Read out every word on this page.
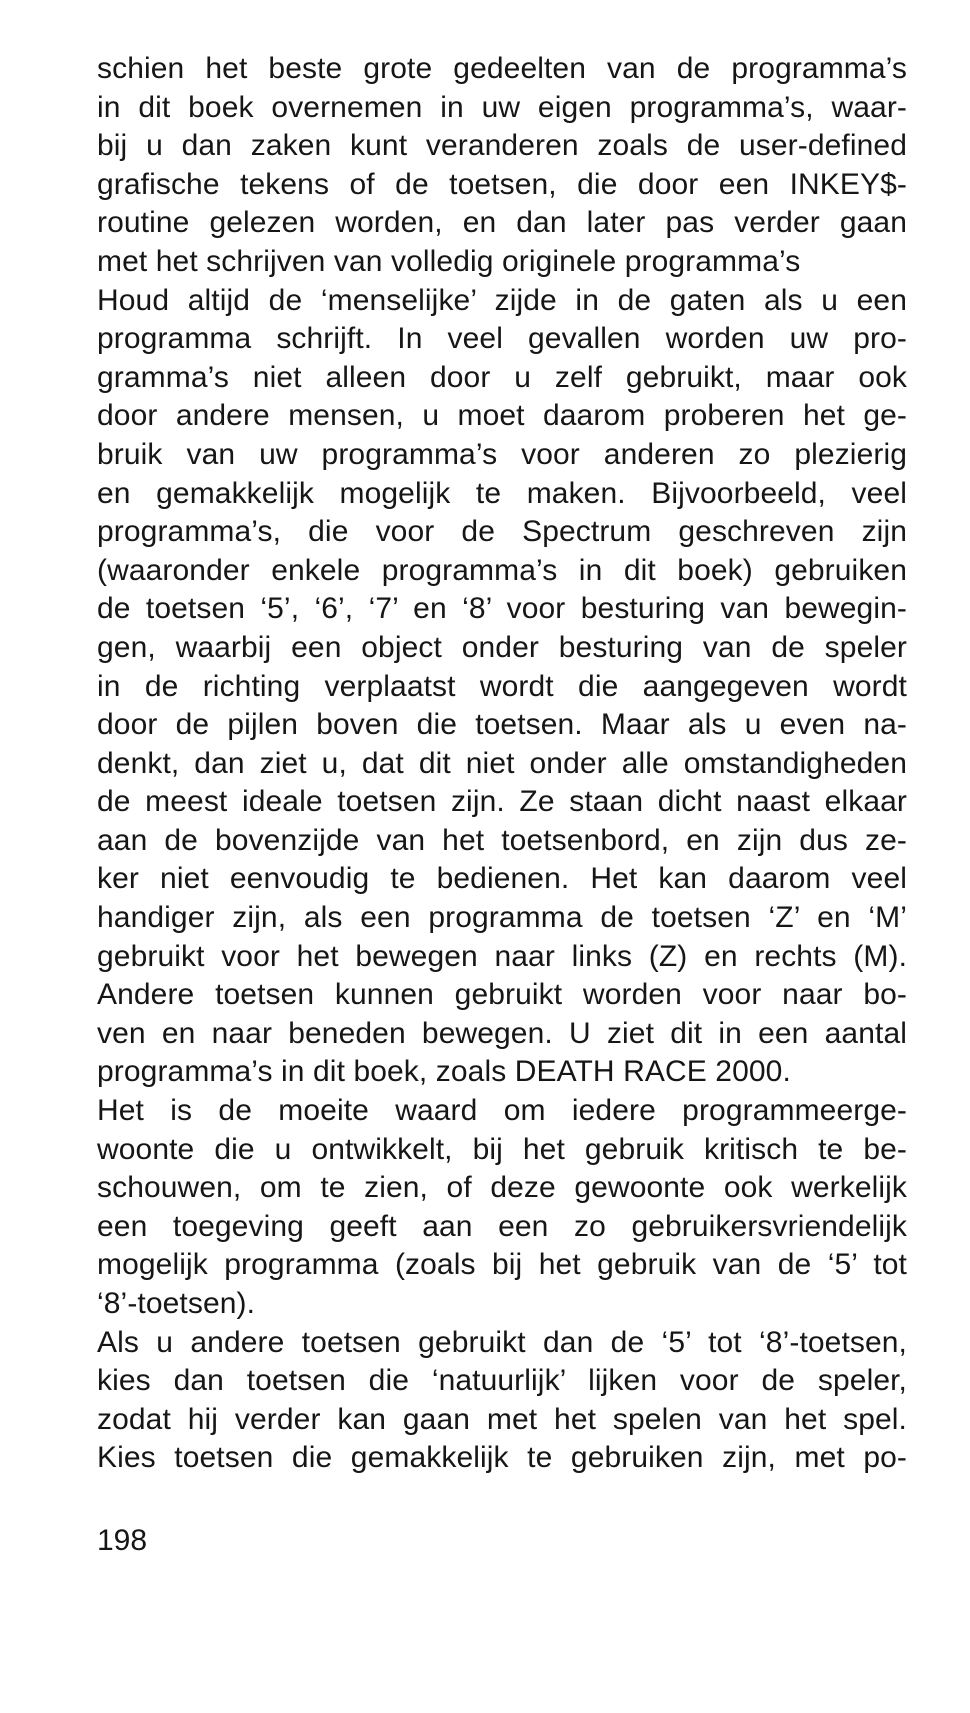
schien het beste grote gedeelten van de programma’s
in dit boek overnemen in uw eigen programma’s, waar-
bij u dan zaken kunt veranderen zoals de user-defined
grafische tekens of de toetsen, die door een INKEY$-
routine gelezen worden, en dan later pas verder gaan
met het schrijven van volledig originele programma’s
Houd altijd de ‘menselijke’ zijde in de gaten als u een
programma schrijft. In veel gevallen worden uw pro-
gramma’s niet alleen door u zelf gebruikt, maar ook
door andere mensen, u moet daarom proberen het ge-
bruik van uw programma’s voor anderen zo plezierig
en gemakkelijk mogelijk te maken. Bijvoorbeeld, veel
programma’s, die voor de Spectrum geschreven zijn
(waaronder enkele programma’s in dit boek) gebruiken
de toetsen ‘5’, ‘6’, ‘7’ en ‘8’ voor besturing van bewegin-
gen, waarbij een object onder besturing van de speler
in de richting verplaatst wordt die aangegeven wordt
door de pijlen boven die toetsen. Maar als u even na-
denkt, dan ziet u, dat dit niet onder alle omstandigheden
de meest ideale toetsen zijn. Ze staan dicht naast elkaar
aan de bovenzijde van het toetsenbord, en zijn dus ze-
ker niet eenvoudig te bedienen. Het kan daarom veel
handiger zijn, als een programma de toetsen ‘Z’ en ‘M’
gebruikt voor het bewegen naar links (Z) en rechts (M).
Andere toetsen kunnen gebruikt worden voor naar bo-
ven en naar beneden bewegen. U ziet dit in een aantal
programma’s in dit boek, zoals DEATH RACE 2000.
Het is de moeite waard om iedere programmeerge-
woonte die u ontwikkelt, bij het gebruik kritisch te be-
schouwen, om te zien, of deze gewoonte ook werkelijk
een toegeving geeft aan een zo gebruikersvriendelijk
mogelijk programma (zoals bij het gebruik van de ‘5’ tot
‘8’-toetsen).
Als u andere toetsen gebruikt dan de ‘5’ tot ‘8’-toetsen,
kies dan toetsen die ‘natuurlijk’ lijken voor de speler,
zodat hij verder kan gaan met het spelen van het spel.
Kies toetsen die gemakkelijk te gebruiken zijn, met po-
198
